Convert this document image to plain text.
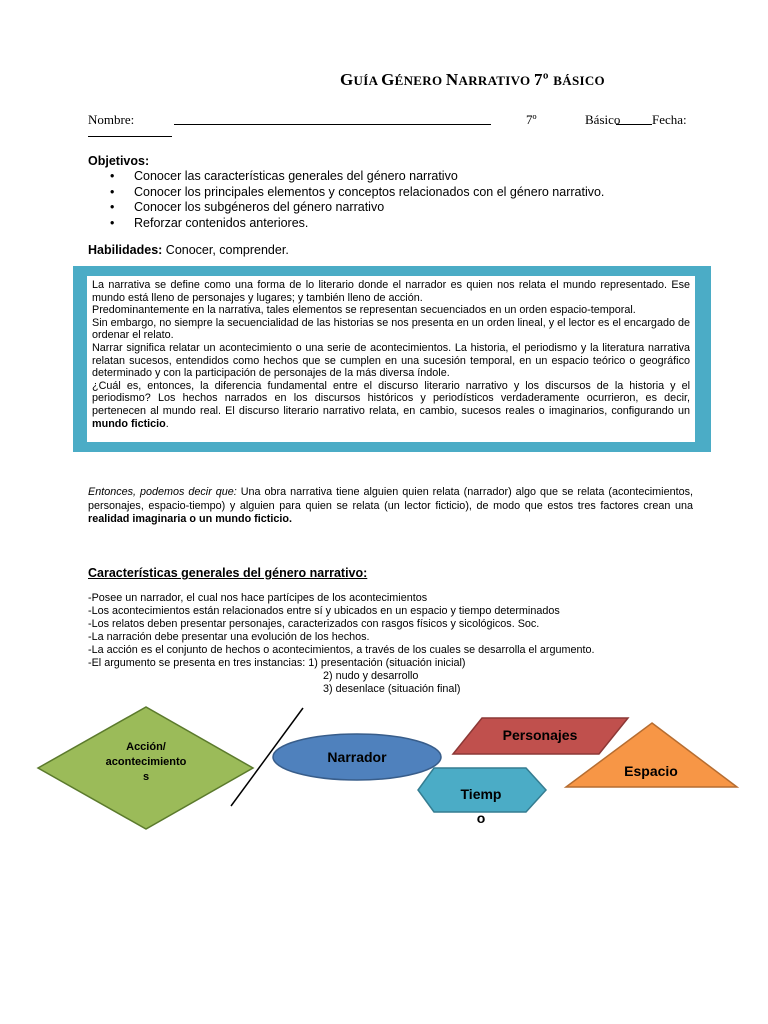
GUÍA GÉNERO NARRATIVO 7º BÁSICO
Nombre:	7º	Básico Fecha:
Objetivos:
• Conocer las características generales del género narrativo
• Conocer los principales elementos y conceptos relacionados con el género narrativo.
• Conocer los subgéneros del género narrativo
• Reforzar contenidos anteriores.
Habilidades: Conocer, comprender.
La narrativa se define como una forma de lo literario donde el narrador es quien nos relata el mundo representado. Ese mundo está lleno de personajes y lugares; y también lleno de acción.
Predominantemente en la narrativa, tales elementos se representan secuenciados en un orden espacio-temporal.
Sin embargo, no siempre la secuencialidad de las historias se nos presenta en un orden lineal, y el lector es el encargado de ordenar el relato.
Narrar significa relatar un acontecimiento o una serie de acontecimientos. La historia, el periodismo y la literatura narrativa relatan sucesos, entendidos como hechos que se cumplen en una sucesión temporal, en un espacio teórico o geográfico determinado y con la participación de personajes de la más diversa índole.
¿Cuál es, entonces, la diferencia fundamental entre el discurso literario narrativo y los discursos de la historia y el periodismo? Los hechos narrados en los discursos históricos y periodísticos verdaderamente ocurrieron, es decir, pertenecen al mundo real. El discurso literario narrativo relata, en cambio, sucesos reales o imaginarios, configurando un mundo ficticio.
Entonces, podemos decir que: Una obra narrativa tiene alguien quien relata (narrador) algo que se relata (acontecimientos, personajes, espacio-tiempo) y alguien para quien se relata (un lector ficticio), de modo que estos tres factores crean una realidad imaginaria o un mundo ficticio.
Características generales del género narrativo:
-Posee un narrador, el cual nos hace partícipes de los acontecimientos
-Los acontecimientos están relacionados entre sí y ubicados en un espacio y tiempo determinados
-Los relatos deben presentar personajes, caracterizados con rasgos físicos y sicológicos. Soc.
-La narración debe presentar una evolución de los hechos.
-La acción es el conjunto de hechos o acontecimientos, a través de los cuales se desarrolla el argumento.
-El argumento se presenta en tres instancias: 1) presentación (situación inicial)
2) nudo y desarrollo
3) desenlace (situación final)
Acción/
acontecimiento
s
Narrador
Personajes
Espacio
Tiemp
o
